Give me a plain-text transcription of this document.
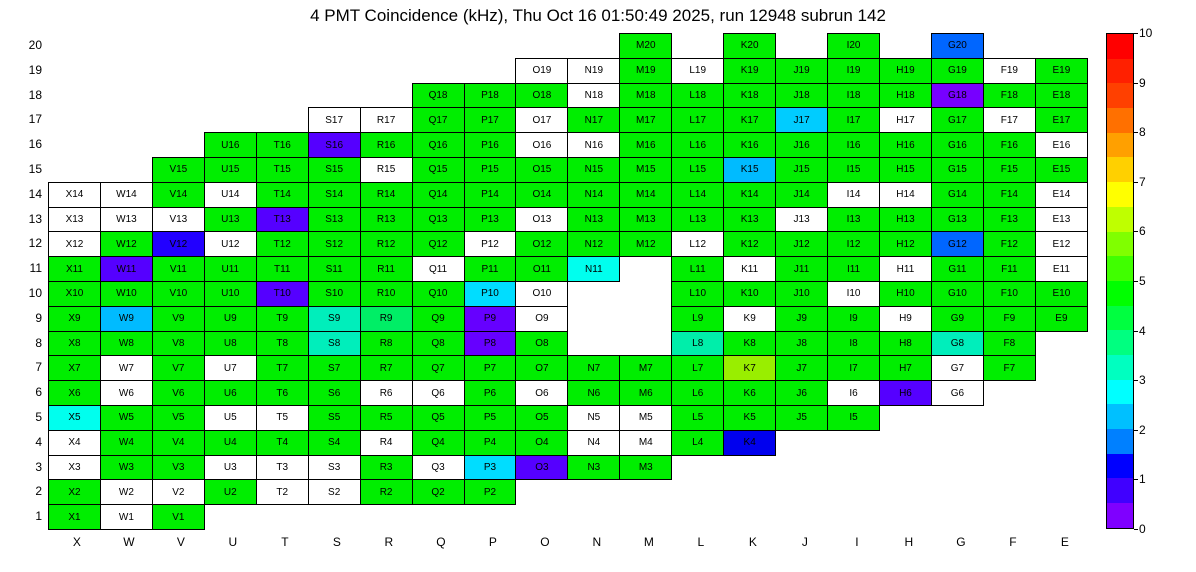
4 PMT Coincidence (kHz), Thu Oct 16 01:50:49 2025, run 12948 subrun 142
											M20		K20		I20		G20		
									O19	N19	M19	L19	K19	J19	I19	H19	G19	F19	E19
							Q18	P18	O18	N18	M18	L18	K18	J18	I18	H18	G18	F18	E18
					S17	R17	Q17	P17	O17	N17	M17	L17	K17	J17	I17	H17	G17	F17	E17
			U16	T16	S16	R16	Q16	P16	O16	N16	M16	L16	K16	J16	I16	H16	G16	F16	E16
		V15	U15	T15	S15	R15	Q15	P15	O15	N15	M15	L15	K15	J15	I15	H15	G15	F15	E15
X14	W14	V14	U14	T14	S14	R14	Q14	P14	O14	N14	M14	L14	K14	J14	I14	H14	G14	F14	E14
X13	W13	V13	U13	T13	S13	R13	Q13	P13	O13	N13	M13	L13	K13	J13	I13	H13	G13	F13	E13
X12	W12	V12	U12	T12	S12	R12	Q12	P12	O12	N12	M12	L12	K12	J12	I12	H12	G12	F12	E12
X11	W11	V11	U11	T11	S11	R11	Q11	P11	O11	N11		L11	K11	J11	I11	H11	G11	F11	E11
X10	W10	V10	U10	T10	S10	R10	Q10	P10	O10			L10	K10	J10	I10	H10	G10	F10	E10
X9	W9	V9	U9	T9	S9	R9	Q9	P9	O9			L9	K9	J9	I9	H9	G9	F9	E9
X8	W8	V8	U8	T8	S8	R8	Q8	P8	O8			L8	K8	J8	I8	H8	G8	F8	
X7	W7	V7	U7	T7	S7	R7	Q7	P7	O7	N7	M7	L7	K7	J7	I7	H7	G7	F7	
X6	W6	V6	U6	T6	S6	R6	Q6	P6	O6	N6	M6	L6	K6	J6	I6	H6	G6		
X5	W5	V5	U5	T5	S5	R5	Q5	P5	O5	N5	M5	L5	K5	J5	I5				
X4	W4	V4	U4	T4	S4	R4	Q4	P4	O4	N4	M4	L4	K4						
X3	W3	V3	U3	T3	S3	R3	Q3	P3	O3	N3	M3								
X2	W2	V2	U2	T2	S2	R2	Q2	P2											
X1	W1	V1																	
20
19
18
17
16
15
14
13
12
11
10
9
8
7
6
5
4
3
2
1
X	W	V	U	T	S	R	Q	P	O	N	M	L	K	J	I	H	G	F	E
0
1
2
3
4
5
6
7
8
9
10
